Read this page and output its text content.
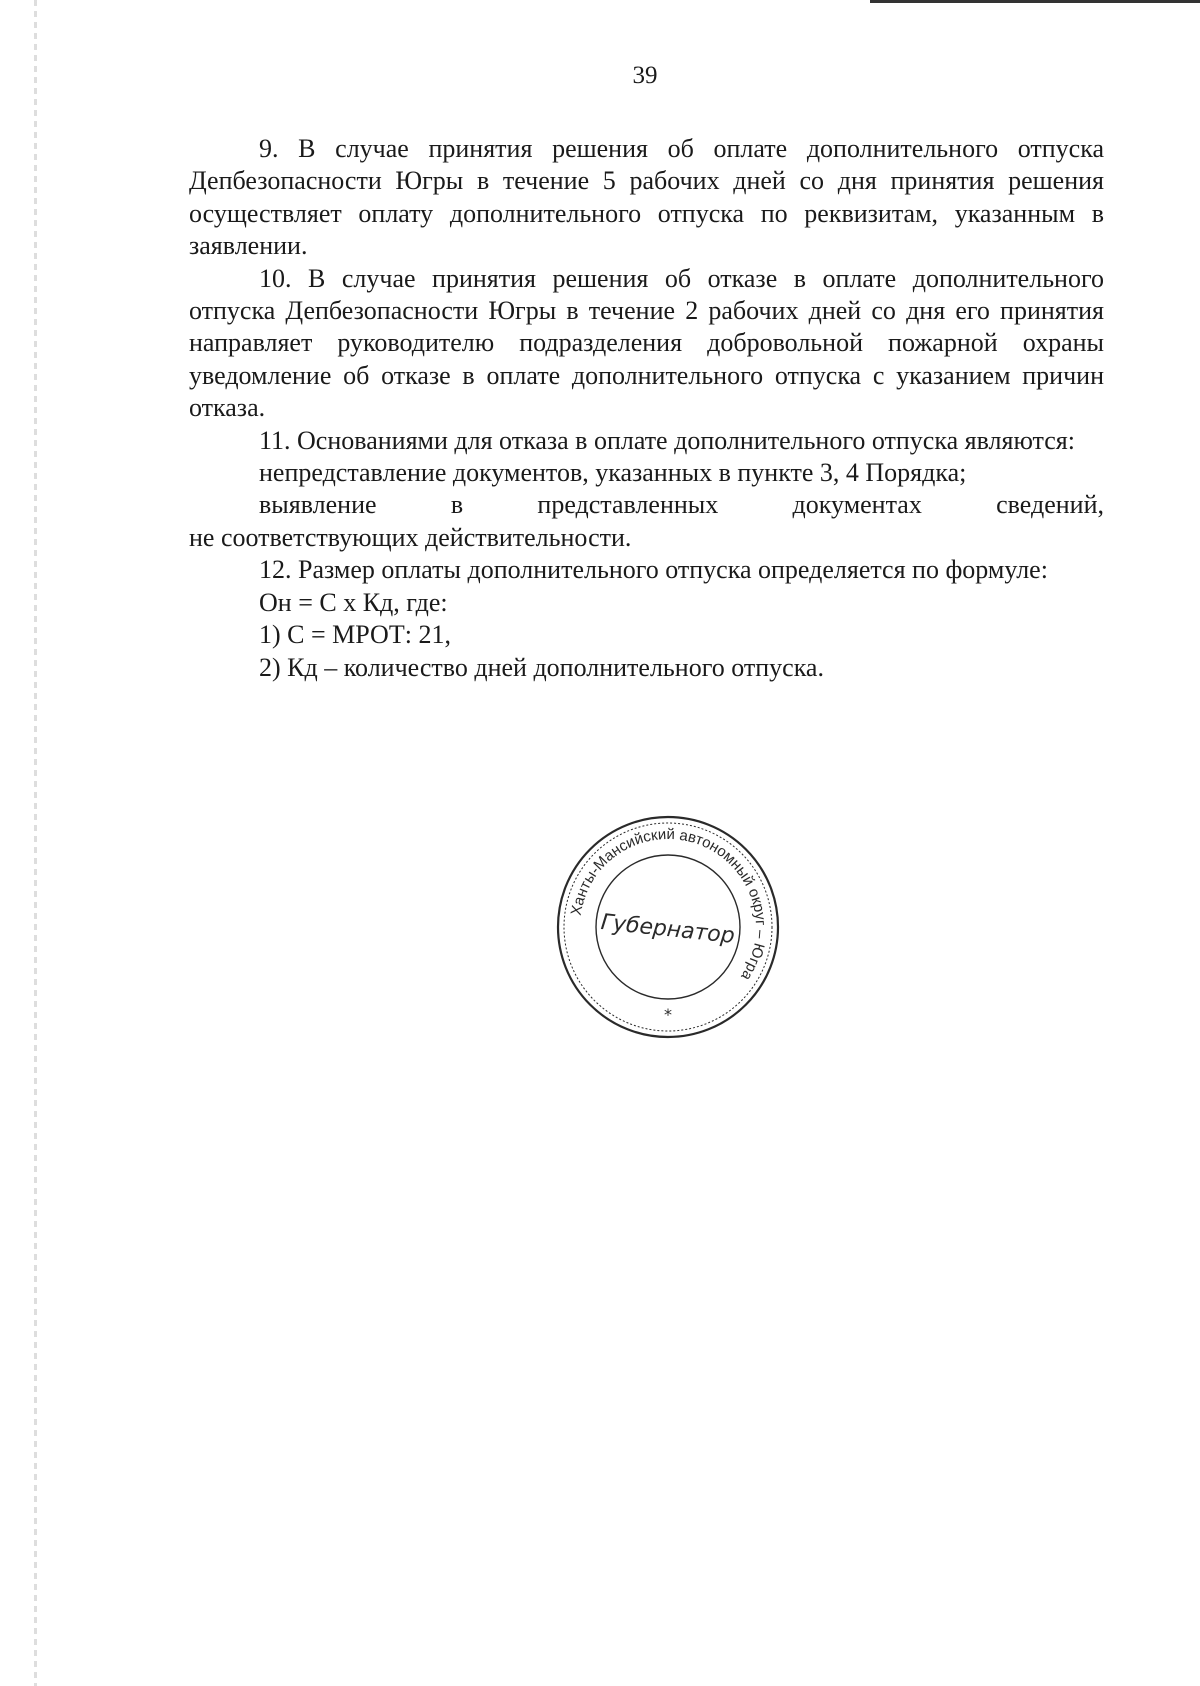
39

9. В случае принятия решения об оплате дополнительного отпуска Депбезопасности Югры в течение 5 рабочих дней со дня принятия решения осуществляет оплату дополнительного отпуска по реквизитам, указанным в заявлении.

10. В случае принятия решения об отказе в оплате дополнительного отпуска Депбезопасности Югры в течение 2 рабочих дней со дня его принятия направляет руководителю подразделения добровольной пожарной охраны уведомление об отказе в оплате дополнительного отпуска с указанием причин отказа.

11. Основаниями для отказа в оплате дополнительного отпуска являются:

непредставление документов, указанных в пункте 3, 4 Порядка;

выявление в представленных документах сведений,

не соответствующих действительности.

12. Размер оплаты дополнительного отпуска определяется по формуле:

Он = С х Кд, где:

1) С = МРОТ: 21,

2) Кд – количество дней дополнительного отпуска.

Ханты-Мансийский автономный округ – Югра
Губернатор
*
